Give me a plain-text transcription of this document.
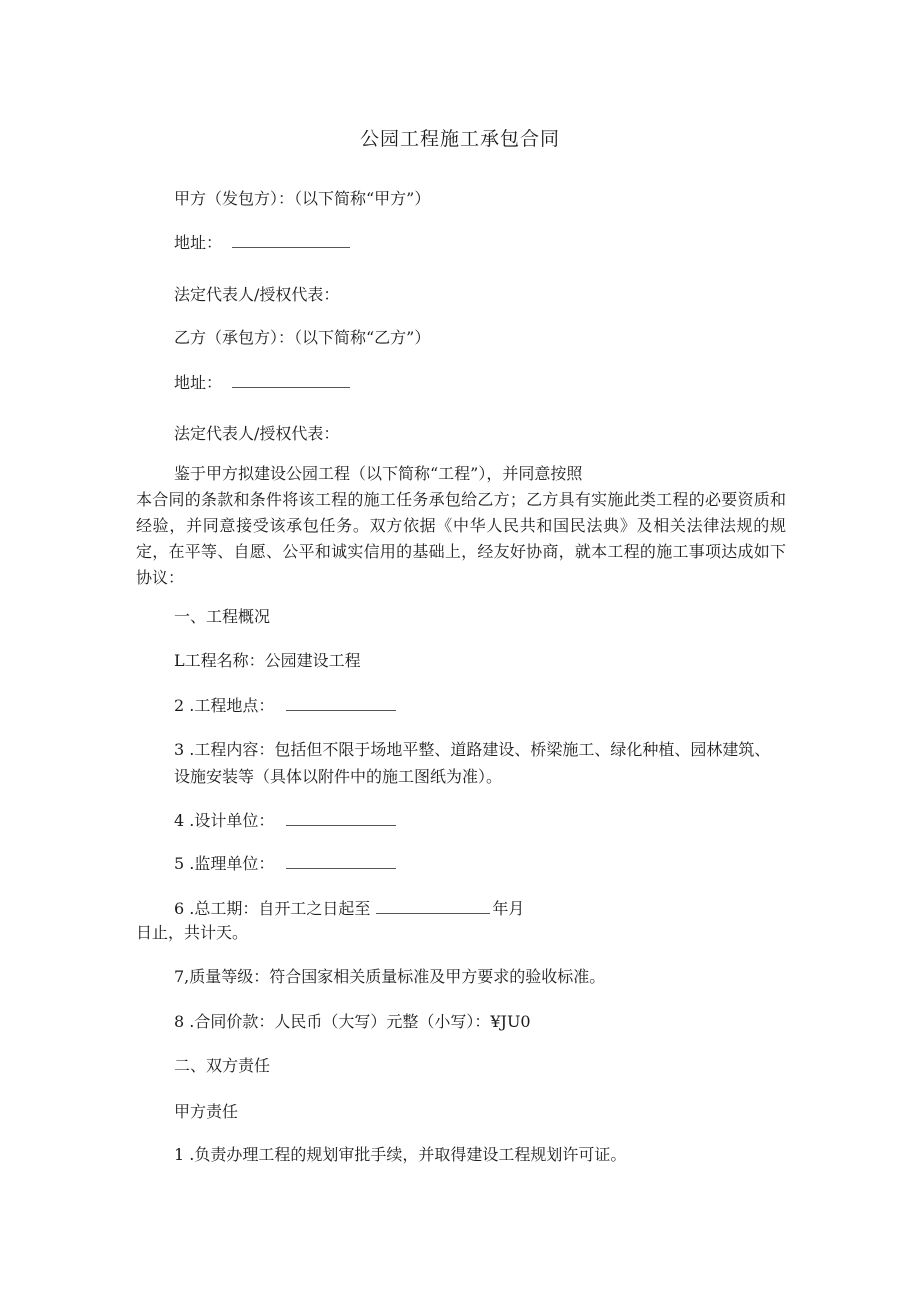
公园工程施工承包合同
甲方（发包方）：（以下简称“甲方”）
地址：
法定代表人/授权代表：
乙方（承包方）：（以下简称“乙方”）
地址：
法定代表人/授权代表：
鉴于甲方拟建设公园工程（以下简称“工程”），并同意按照
本合同的条款和条件将该工程的施工任务承包给乙方；乙方具有实施此类工程的必要资质和经验，并同意接受该承包任务。双方依据《中华人民共和国民法典》及相关法律法规的规定，在平等、自愿、公平和诚实信用的基础上，经友好协商，就本工程的施工事项达成如下协议：
一、工程概况
L工程名称：公园建设工程
2 .工程地点：
3 .工程内容：包括但不限于场地平整、道路建设、桥梁施工、绿化种植、园林建筑、设施安装等（具体以附件中的施工图纸为准）。
4 .设计单位：
5 .监理单位：
6 .总工期：自开工之日起至	年月
日止，共计天。
7,质量等级：符合国家相关质量标准及甲方要求的验收标准。
8 .合同价款：人民币（大写）元整（小写）：¥JU0
二、双方责任
甲方责任
1 .负责办理工程的规划审批手续，并取得建设工程规划许可证。
